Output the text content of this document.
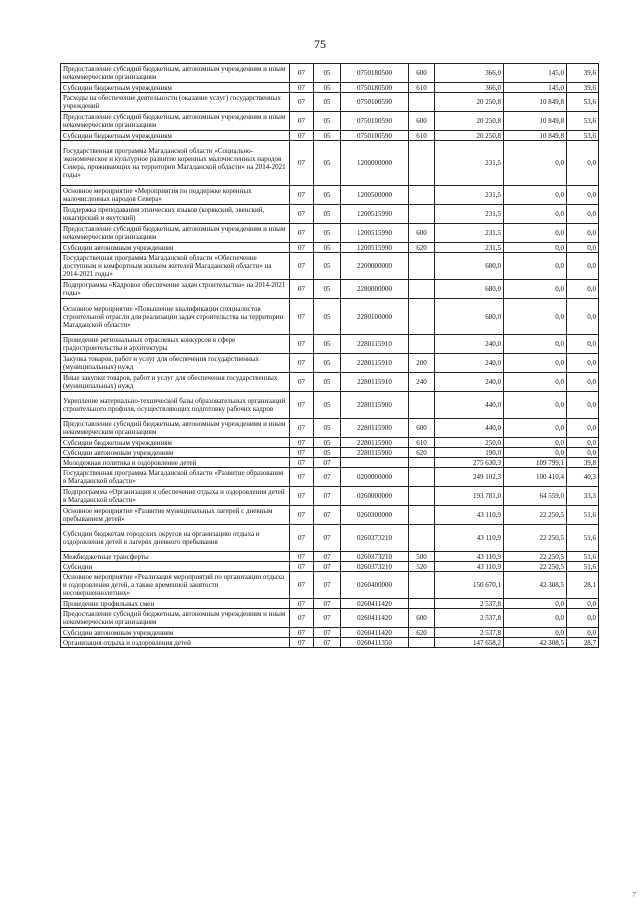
75
Предоставление субсидий бюджетным, автономным учреждениям и иным некоммерческим организациям	07	05	0750180500	600	366,0	145,0	39,6
Субсидии бюджетным учреждениям	07	05	0750180500	610	366,0	145,0	39,6
Расходы на обеспечение деятельности (оказание услуг) государственных учреждений	07	05	0750100590		20 250,8	10 849,8	53,6
Предоставление субсидий бюджетным, автономным учреждениям и иным некоммерческим организациям	07	05	0750100590	600	20 250,8	10 849,8	53,6
Субсидии бюджетным учреждениям	07	05	0750100590	610	20 250,8	10 849,8	53,6
Государственная программа Магаданской области «Социально-экономическое и культурное развитие коренных малочисленных народов Севера, проживающих на территории Магаданской области» на 2014-2021 годы»	07	05	1200000000		231,5	0,0	0,0
Основное мероприятие «Мероприятия по поддержке коренных малочисленных народов Севера»	07	05	1200500000		231,5	0,0	0,0
Поддержка преподавания этнических языков (корякский, эвенский, юкагирский и якутский)	07	05	1200515990		231,5	0,0	0,0
Предоставление субсидий бюджетным, автономным учреждениям и иным некоммерческим организациям	07	05	1200515990	600	231,5	0,0	0,0
Субсидии автономным учреждениям	07	05	1200515990	620	231,5	0,0	0,0
Государственная программа Магаданской области «Обеспечение доступным и комфортным жильем жителей Магаданской области» на 2014-2021 годы»	07	05	2200000000		680,0	0,0	0,0
Подпрограмма «Кадровое обеспечение задач строительства» на 2014-2021 годы»	07	05	2280000000		680,0	0,0	0,0
Основное мероприятие «Повышение квалификации специалистов строительной отрасли для реализации задач строительства на территории Магаданской области»	07	05	2280100000		680,0	0,0	0,0
Проведение региональных отраслевых конкурсов в сфере градостроительства и архитектуры	07	05	2280115910		240,0	0,0	0,0
Закупка товаров, работ и услуг для обеспечения государственных (муниципальных) нужд	07	05	2280115910	200	240,0	0,0	0,0
Иные закупки товаров, работ и услуг для обеспечения государственных (муниципальных) нужд	07	05	2280115910	240	240,0	0,0	0,0
Укрепление материально-технической базы образовательных организаций строительного профиля, осуществляющих подготовку рабочих кадров	07	05	2280115900		440,0	0,0	0,0
Предоставление субсидий бюджетным, автономным учреждениям и иным некоммерческим организациям	07	05	2280115900	600	440,0	0,0	0,0
Субсидии бюджетным учреждениям	07	05	2280115900	610	250,0	0,0	0,0
Субсидии автономным учреждениям	07	05	2280115900	620	190,0	0,0	0,0
Молодежная политика и оздоровление детей	07	07			275 630,3	109 799,1	39,8
Государственная программа Магаданской области «Развитие образования в Магаданской области»	07	07	0200000000		249 102,3	100 410,4	40,3
Подпрограмма «Организация и обеспечение отдыха и оздоровления детей в Магаданской области»	07	07	0260000000		193 781,0	64 559,0	33,3
Основное мероприятие «Развитие муниципальных лагерей с дневным пребыванием детей»	07	07	0260300000		43 110,9	22 250,5	51,6
Субсидии бюджетам городских округов на организацию отдыха и оздоровления детей в лагерях дневного пребывания	07	07	0260373210		43 110,9	22 250,5	51,6
Межбюджетные трансферты	07	07	0260373210	500	43 110,9	22 250,5	51,6
Субсидии	07	07	0260373210	520	43 110,9	22 250,5	51,6
Основное мероприятие «Реализация мероприятий по организации отдыха и оздоровления детей, а также временной занятости несовершеннолетних»	07	07	0260400000		150 670,1	42 308,5	28,1
Проведение профильных смен	07	07	0260411420		2 537,8	0,0	0,0
Предоставление субсидий бюджетным, автономным учреждениям и иным некоммерческим организациям	07	07	0260411420	600	2 537,8	0,0	0,0
Субсидии автономным учреждениям	07	07	0260411420	620	2 537,8	0,0	0,0
Организация отдыха и оздоровления детей	07	07	0260411350		147 658,2	42 308,5	28,7
7
